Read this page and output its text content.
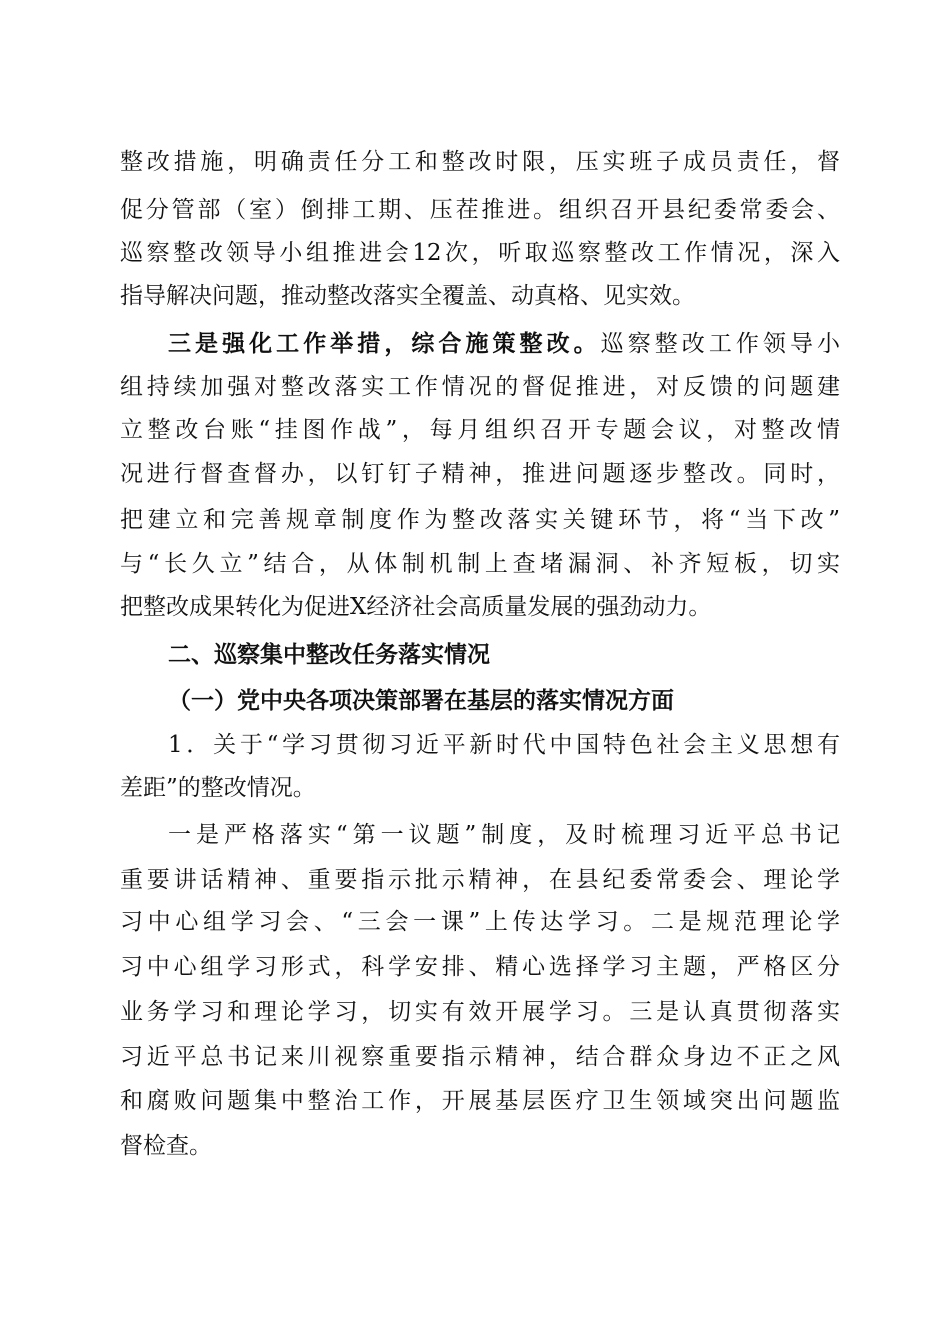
整改措施，明确责任分工和整改时限，压实班子成员责任，督
促分管部（室）倒排工期、压茬推进。组织召开县纪委常委会、
巡察整改领导小组推进会12次，听取巡察整改工作情况，深入
指导解决问题，推动整改落实全覆盖、动真格、见实效。
三是强化工作举措，综合施策整改。巡察整改工作领导小
组持续加强对整改落实工作情况的督促推进，对反馈的问题建
立整改台账“挂图作战”，每月组织召开专题会议，对整改情
况进行督查督办，以钉钉子精神，推进问题逐步整改。同时，
把建立和完善规章制度作为整改落实关键环节，将“当下改”
与“长久立”结合，从体制机制上查堵漏洞、补齐短板，切实
把整改成果转化为促进X经济社会高质量发展的强劲动力。
二、巡察集中整改任务落实情况
（一）党中央各项决策部署在基层的落实情况方面
1．关于“学习贯彻习近平新时代中国特色社会主义思想有
差距”的整改情况。
一是严格落实“第一议题”制度，及时梳理习近平总书记
重要讲话精神、重要指示批示精神，在县纪委常委会、理论学
习中心组学习会、“三会一课”上传达学习。二是规范理论学
习中心组学习形式，科学安排、精心选择学习主题，严格区分
业务学习和理论学习，切实有效开展学习。三是认真贯彻落实
习近平总书记来川视察重要指示精神，结合群众身边不正之风
和腐败问题集中整治工作，开展基层医疗卫生领域突出问题监
督检查。
